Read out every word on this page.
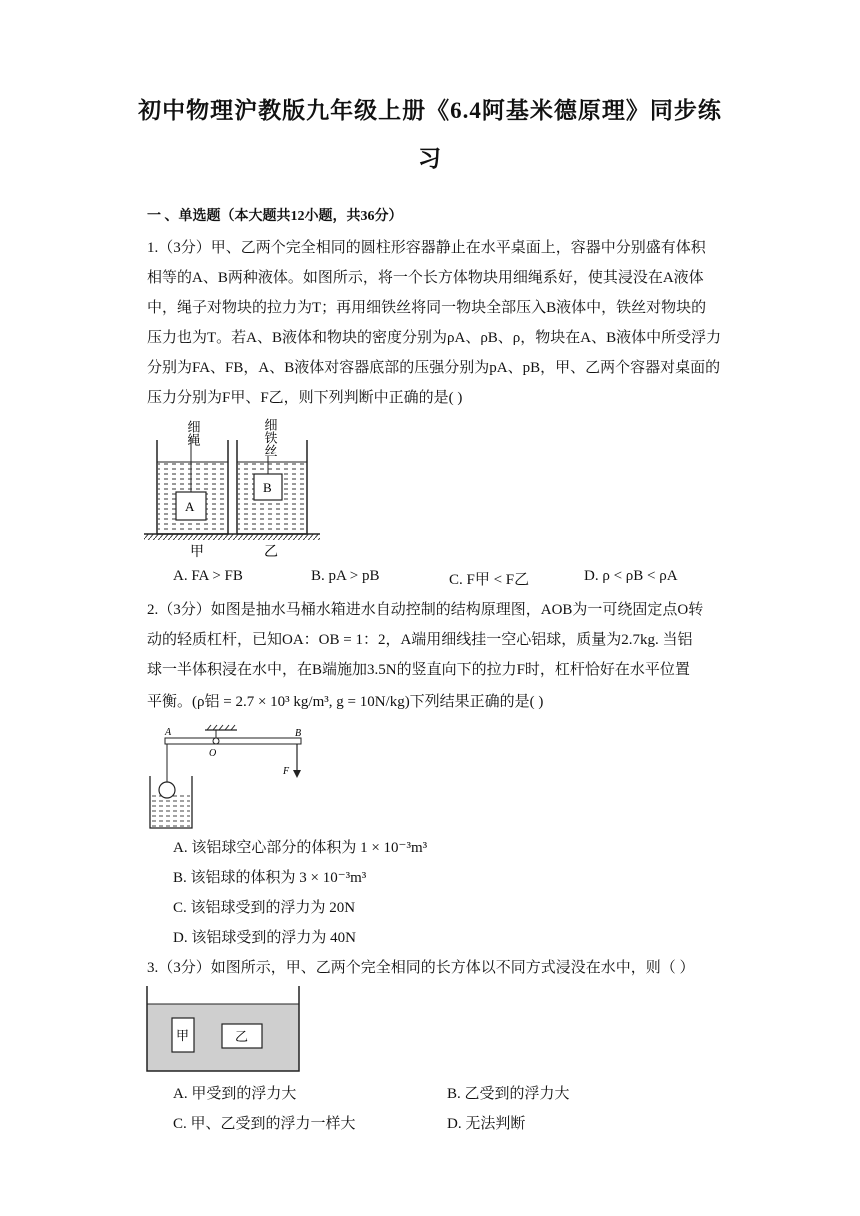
初中物理沪教版九年级上册《6.4阿基米德原理》同步练
习
一 、单选题（本大题共12小题，共36分）
1.（3分）甲、乙两个完全相同的圆柱形容器静止在水平桌面上，容器中分别盛有体积
相等的A、B两种液体。如图所示，将一个长方体物块用细绳系好，使其浸没在A液体
中，绳子对物块的拉力为T；再用细铁丝将同一物块全部压入B液体中，铁丝对物块的
压力也为T。若A、B液体和物块的密度分别为ρA、ρB、ρ，物块在A、B液体中所受浮力
分别为FA、FB，A、B液体对容器底部的压强分别为pA、pB，甲、乙两个容器对桌面的
压力分别为F甲、F乙，则下列判断中正确的是( )
细绳	细铁丝
A
B
甲	乙
A. FA > FB	B. pA > pB	C. F甲 < F乙	D. ρ < ρB < ρA
2.（3分）如图是抽水马桶水箱进水自动控制的结构原理图，AOB为一可绕固定点O转
动的轻质杠杆，已知OA：OB = 1：2，A端用细线挂一空心铝球，质量为2.7kg. 当铝
球一半体积浸在水中，在B端施加3.5N的竖直向下的拉力F时，杠杆恰好在水平位置
平衡。(ρ铝 = 2.7 × 10³ kg/m³, g = 10N/kg)下列结果正确的是( )
A
O
B
F
A. 该铝球空心部分的体积为 1 × 10⁻³m³
B. 该铝球的体积为 3 × 10⁻³m³
C. 该铝球受到的浮力为 20N
D. 该铝球受到的浮力为 40N
3.（3分）如图所示，甲、乙两个完全相同的长方体以不同方式浸没在水中，则（ ）
甲	乙
A. 甲受到的浮力大	B. 乙受到的浮力大
C. 甲、乙受到的浮力一样大	D. 无法判断
